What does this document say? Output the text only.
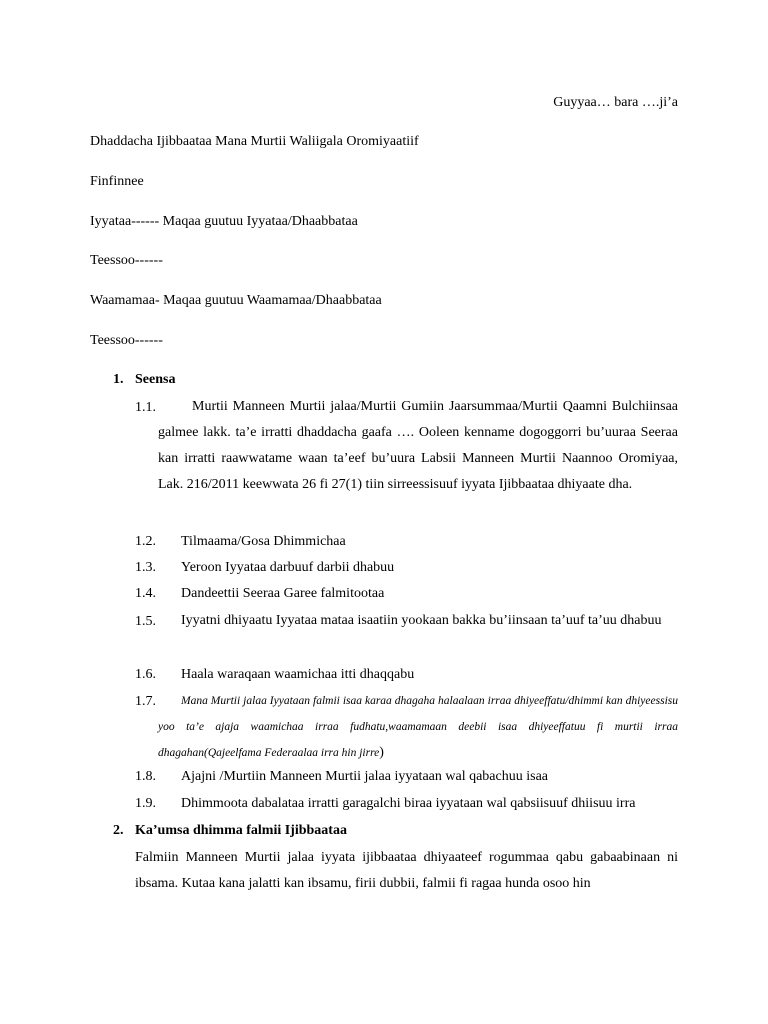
Guyyaa… bara ….ji’a
Dhaddacha Ijibbaataa Mana Murtii Waliigala Oromiyaatiif
Finfinnee
Iyyataa------ Maqaa guutuu Iyyataa/Dhaabbataa
Teessoo------
Waamamaa- Maqaa guutuu Waamamaa/Dhaabbataa
Teessoo------
1. Seensa
1.1.	Murtii Manneen Murtii jalaa/Murtii Gumiin Jaarsummaa/Murtii Qaamni Bulchiinsaa galmee lakk. ta’e irratti dhaddacha gaafa …. Ooleen kenname dogoggorri bu’uuraa Seeraa kan irratti raawwatame waan ta’eef bu’uura Labsii Manneen Murtii Naannoo Oromiyaa, Lak. 216/2011 keewwata 26 fi 27(1) tiin sirreessisuuf iyyata Ijibbaataa dhiyaate dha.
1.2. Tilmaama/Gosa Dhimmichaa
1.3. Yeroon Iyyataa darbuuf darbii dhabuu
1.4. Dandeettii Seeraa Garee falmitootaa
1.5.	Iyyatni dhiyaatu Iyyataa mataa isaatiin yookaan bakka bu’iinsaan ta’uuf ta’uu dhabuu
1.6. Haala waraqaan waamichaa itti dhaqqabu
1.7.	Mana Murtii jalaa Iyyataan falmii isaa karaa dhagaha halaalaan irraa dhiyeeffatu/dhimmi kan dhiyeessisu yoo ta’e ajaja waamichaa irraa fudhatu,waamamaan deebii isaa dhiyeeffatuu fi murtii irraa dhagahan(Qajeelfama Federaalaa irra hin jirre)
1.8. Ajajni /Murtiin Manneen Murtii jalaa iyyataan wal qabachuu isaa
1.9. Dhimmoota dabalataa irratti garagalchi biraa iyyataan wal qabsiisuuf dhiisuu irra
2. Ka’umsa dhimma falmii Ijibbaataa
Falmiin Manneen Murtii jalaa iyyata ijibbaataa dhiyaateef rogummaa qabu gabaabinaan ni ibsama. Kutaa kana jalatti kan ibsamu, firii dubbii, falmii fi ragaa hunda osoo hin
